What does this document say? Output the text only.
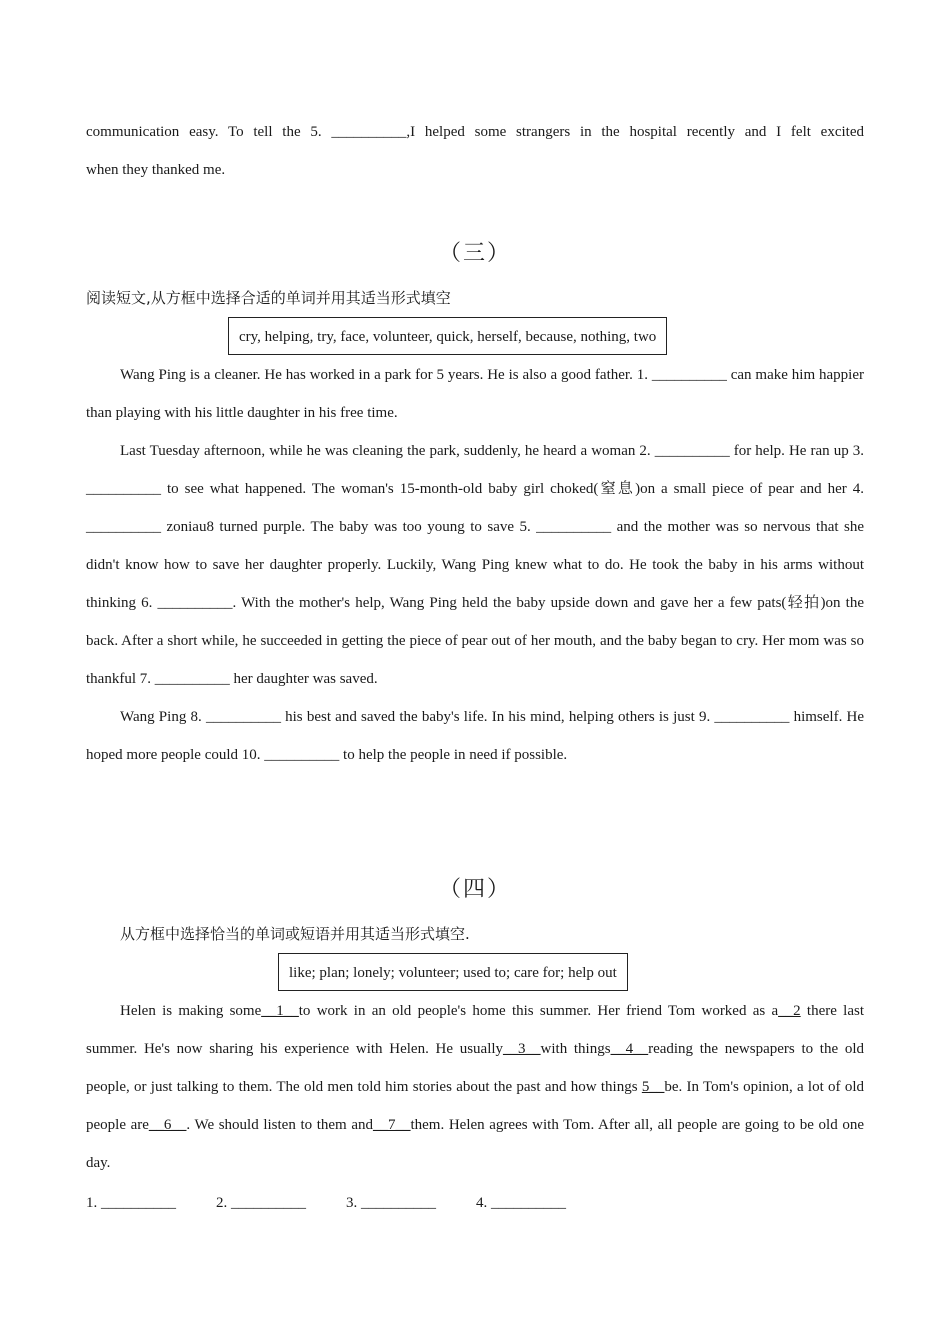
communication easy. To tell the 5. __________,I helped some strangers in the hospital recently and I felt excited

when they thanked me.

（三）
阅读短文,从方框中选择合适的单词并用其适当形式填空
cry, helping, try, face, volunteer, quick, herself, because, nothing, two

Wang Ping is a cleaner. He has worked in a park for 5 years. He is also a good father. 1. __________ can make him happier than playing with his little daughter in his free time.

Last Tuesday afternoon, while he was cleaning the park, suddenly, he heard a woman 2. __________ for help. He ran up 3. __________ to see what happened. The woman's 15-month-old baby girl choked(窒息)on a small piece of pear and her 4. __________ zoniau8 turned purple. The baby was too young to save 5. __________ and the mother was so nervous that she didn't know how to save her daughter properly. Luckily, Wang Ping knew what to do. He took the baby in his arms without thinking 6. __________. With the mother's help, Wang Ping held the baby upside down and gave her a few pats(轻拍)on the back. After a short while, he succeeded in getting the piece of pear out of her mouth, and the baby began to cry. Her mom was so thankful 7. __________ her daughter was saved.

Wang Ping 8. __________ his best and saved the baby's life. In his mind, helping others is just 9. __________ himself. He hoped more people could 10. __________ to help the people in need if possible.

（四）
从方框中选择恰当的单词或短语并用其适当形式填空.
like; plan; lonely; volunteer; used to; care for; help out

Helen is making some__1__to work in an old people's home this summer. Her friend Tom worked as a__2 there last summer. He's now sharing his experience with Helen. He usually__3__with things__4__reading the newspapers to the old people, or just talking to them. The old men told him stories about the past and how things 5__be. In Tom's opinion, a lot of old people are__6__. We should listen to them and__7__them. Helen agrees with Tom. After all, all people are going to be old one day.

1. __________	2. __________	3. __________	4. __________
